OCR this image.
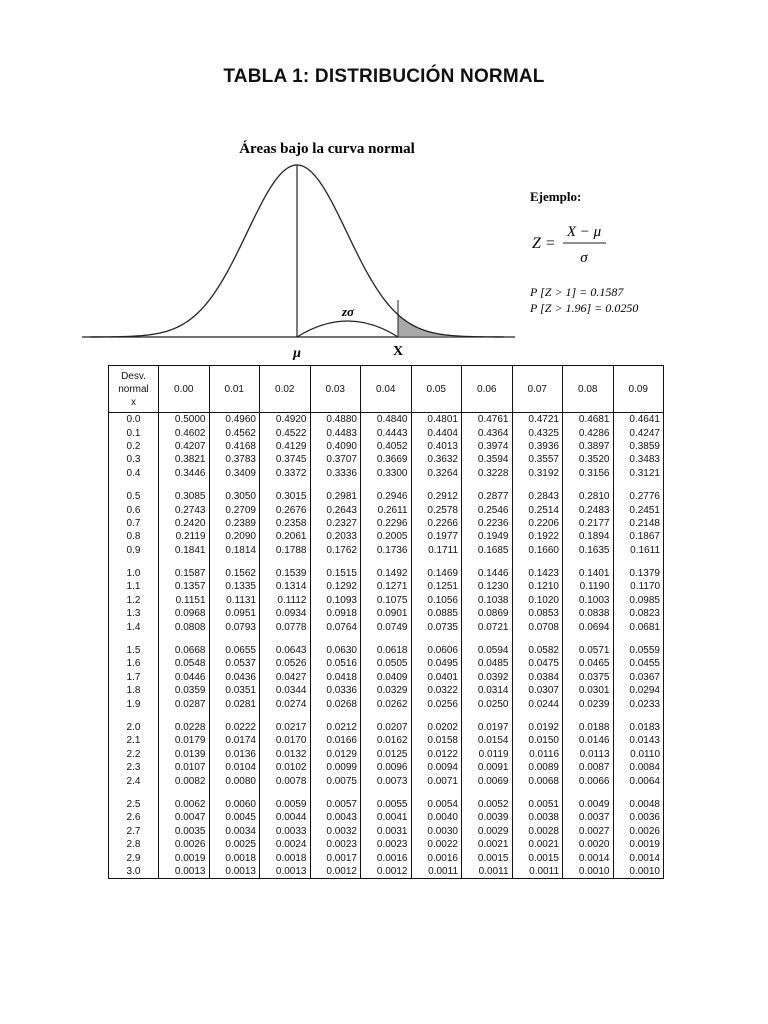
TABLA 1: DISTRIBUCIÓN NORMAL
Áreas bajo la curva normal
zσ
μ	X
Ejemplo:
Z =
X − μ
σ
P [Z > 1] = 0.1587
P [Z > 1.96] = 0.0250
Desv.
normal
x	0.00	0.01	0.02	0.03	0.04	0.05	0.06	0.07	0.08	0.09
0.0	0.5000	0.4960	0.4920	0.4880	0.4840	0.4801	0.4761	0.4721	0.4681	0.4641
0.1	0.4602	0.4562	0.4522	0.4483	0.4443	0.4404	0.4364	0.4325	0.4286	0.4247
0.2	0.4207	0.4168	0.4129	0.4090	0.4052	0.4013	0.3974	0.3936	0.3897	0.3859
0.3	0.3821	0.3783	0.3745	0.3707	0.3669	0.3632	0.3594	0.3557	0.3520	0.3483
0.4	0.3446	0.3409	0.3372	0.3336	0.3300	0.3264	0.3228	0.3192	0.3156	0.3121

0.5	0.3085	0.3050	0.3015	0.2981	0.2946	0.2912	0.2877	0.2843	0.2810	0.2776
0.6	0.2743	0.2709	0.2676	0.2643	0.2611	0.2578	0.2546	0.2514	0.2483	0.2451
0.7	0.2420	0.2389	0.2358	0.2327	0.2296	0.2266	0.2236	0.2206	0.2177	0.2148
0.8	0.2119	0.2090	0.2061	0.2033	0.2005	0.1977	0.1949	0.1922	0.1894	0.1867
0.9	0.1841	0.1814	0.1788	0.1762	0.1736	0.1711	0.1685	0.1660	0.1635	0.1611

1.0	0.1587	0.1562	0.1539	0.1515	0.1492	0.1469	0.1446	0.1423	0.1401	0.1379
1.1	0.1357	0.1335	0.1314	0.1292	0.1271	0.1251	0.1230	0.1210	0.1190	0.1170
1.2	0.1151	0.1131	0.1112	0.1093	0.1075	0.1056	0.1038	0.1020	0.1003	0.0985
1.3	0.0968	0.0951	0.0934	0.0918	0.0901	0.0885	0.0869	0.0853	0.0838	0.0823
1.4	0.0808	0.0793	0.0778	0.0764	0.0749	0.0735	0.0721	0.0708	0.0694	0.0681

1.5	0.0668	0.0655	0.0643	0.0630	0.0618	0.0606	0.0594	0.0582	0.0571	0.0559
1.6	0.0548	0.0537	0.0526	0.0516	0.0505	0.0495	0.0485	0.0475	0.0465	0.0455
1.7	0.0446	0.0436	0.0427	0.0418	0.0409	0.0401	0.0392	0.0384	0.0375	0.0367
1.8	0.0359	0.0351	0.0344	0.0336	0.0329	0.0322	0.0314	0.0307	0.0301	0.0294
1.9	0.0287	0.0281	0.0274	0.0268	0.0262	0.0256	0.0250	0.0244	0.0239	0.0233

2.0	0.0228	0.0222	0.0217	0.0212	0.0207	0.0202	0.0197	0.0192	0.0188	0.0183
2.1	0.0179	0.0174	0.0170	0.0166	0.0162	0.0158	0.0154	0.0150	0.0146	0.0143
2.2	0.0139	0.0136	0.0132	0.0129	0.0125	0.0122	0.0119	0.0116	0.0113	0.0110
2.3	0.0107	0.0104	0.0102	0.0099	0.0096	0.0094	0.0091	0.0089	0.0087	0.0084
2.4	0.0082	0.0080	0.0078	0.0075	0.0073	0.0071	0.0069	0.0068	0.0066	0.0064

2.5	0.0062	0.0060	0.0059	0.0057	0.0055	0.0054	0.0052	0.0051	0.0049	0.0048
2.6	0.0047	0.0045	0.0044	0.0043	0.0041	0.0040	0.0039	0.0038	0.0037	0.0036
2.7	0.0035	0.0034	0.0033	0.0032	0.0031	0.0030	0.0029	0.0028	0.0027	0.0026
2.8	0.0026	0.0025	0.0024	0.0023	0.0023	0.0022	0.0021	0.0021	0.0020	0.0019
2.9	0.0019	0.0018	0.0018	0.0017	0.0016	0.0016	0.0015	0.0015	0.0014	0.0014
3.0	0.0013	0.0013	0.0013	0.0012	0.0012	0.0011	0.0011	0.0011	0.0010	0.0010
